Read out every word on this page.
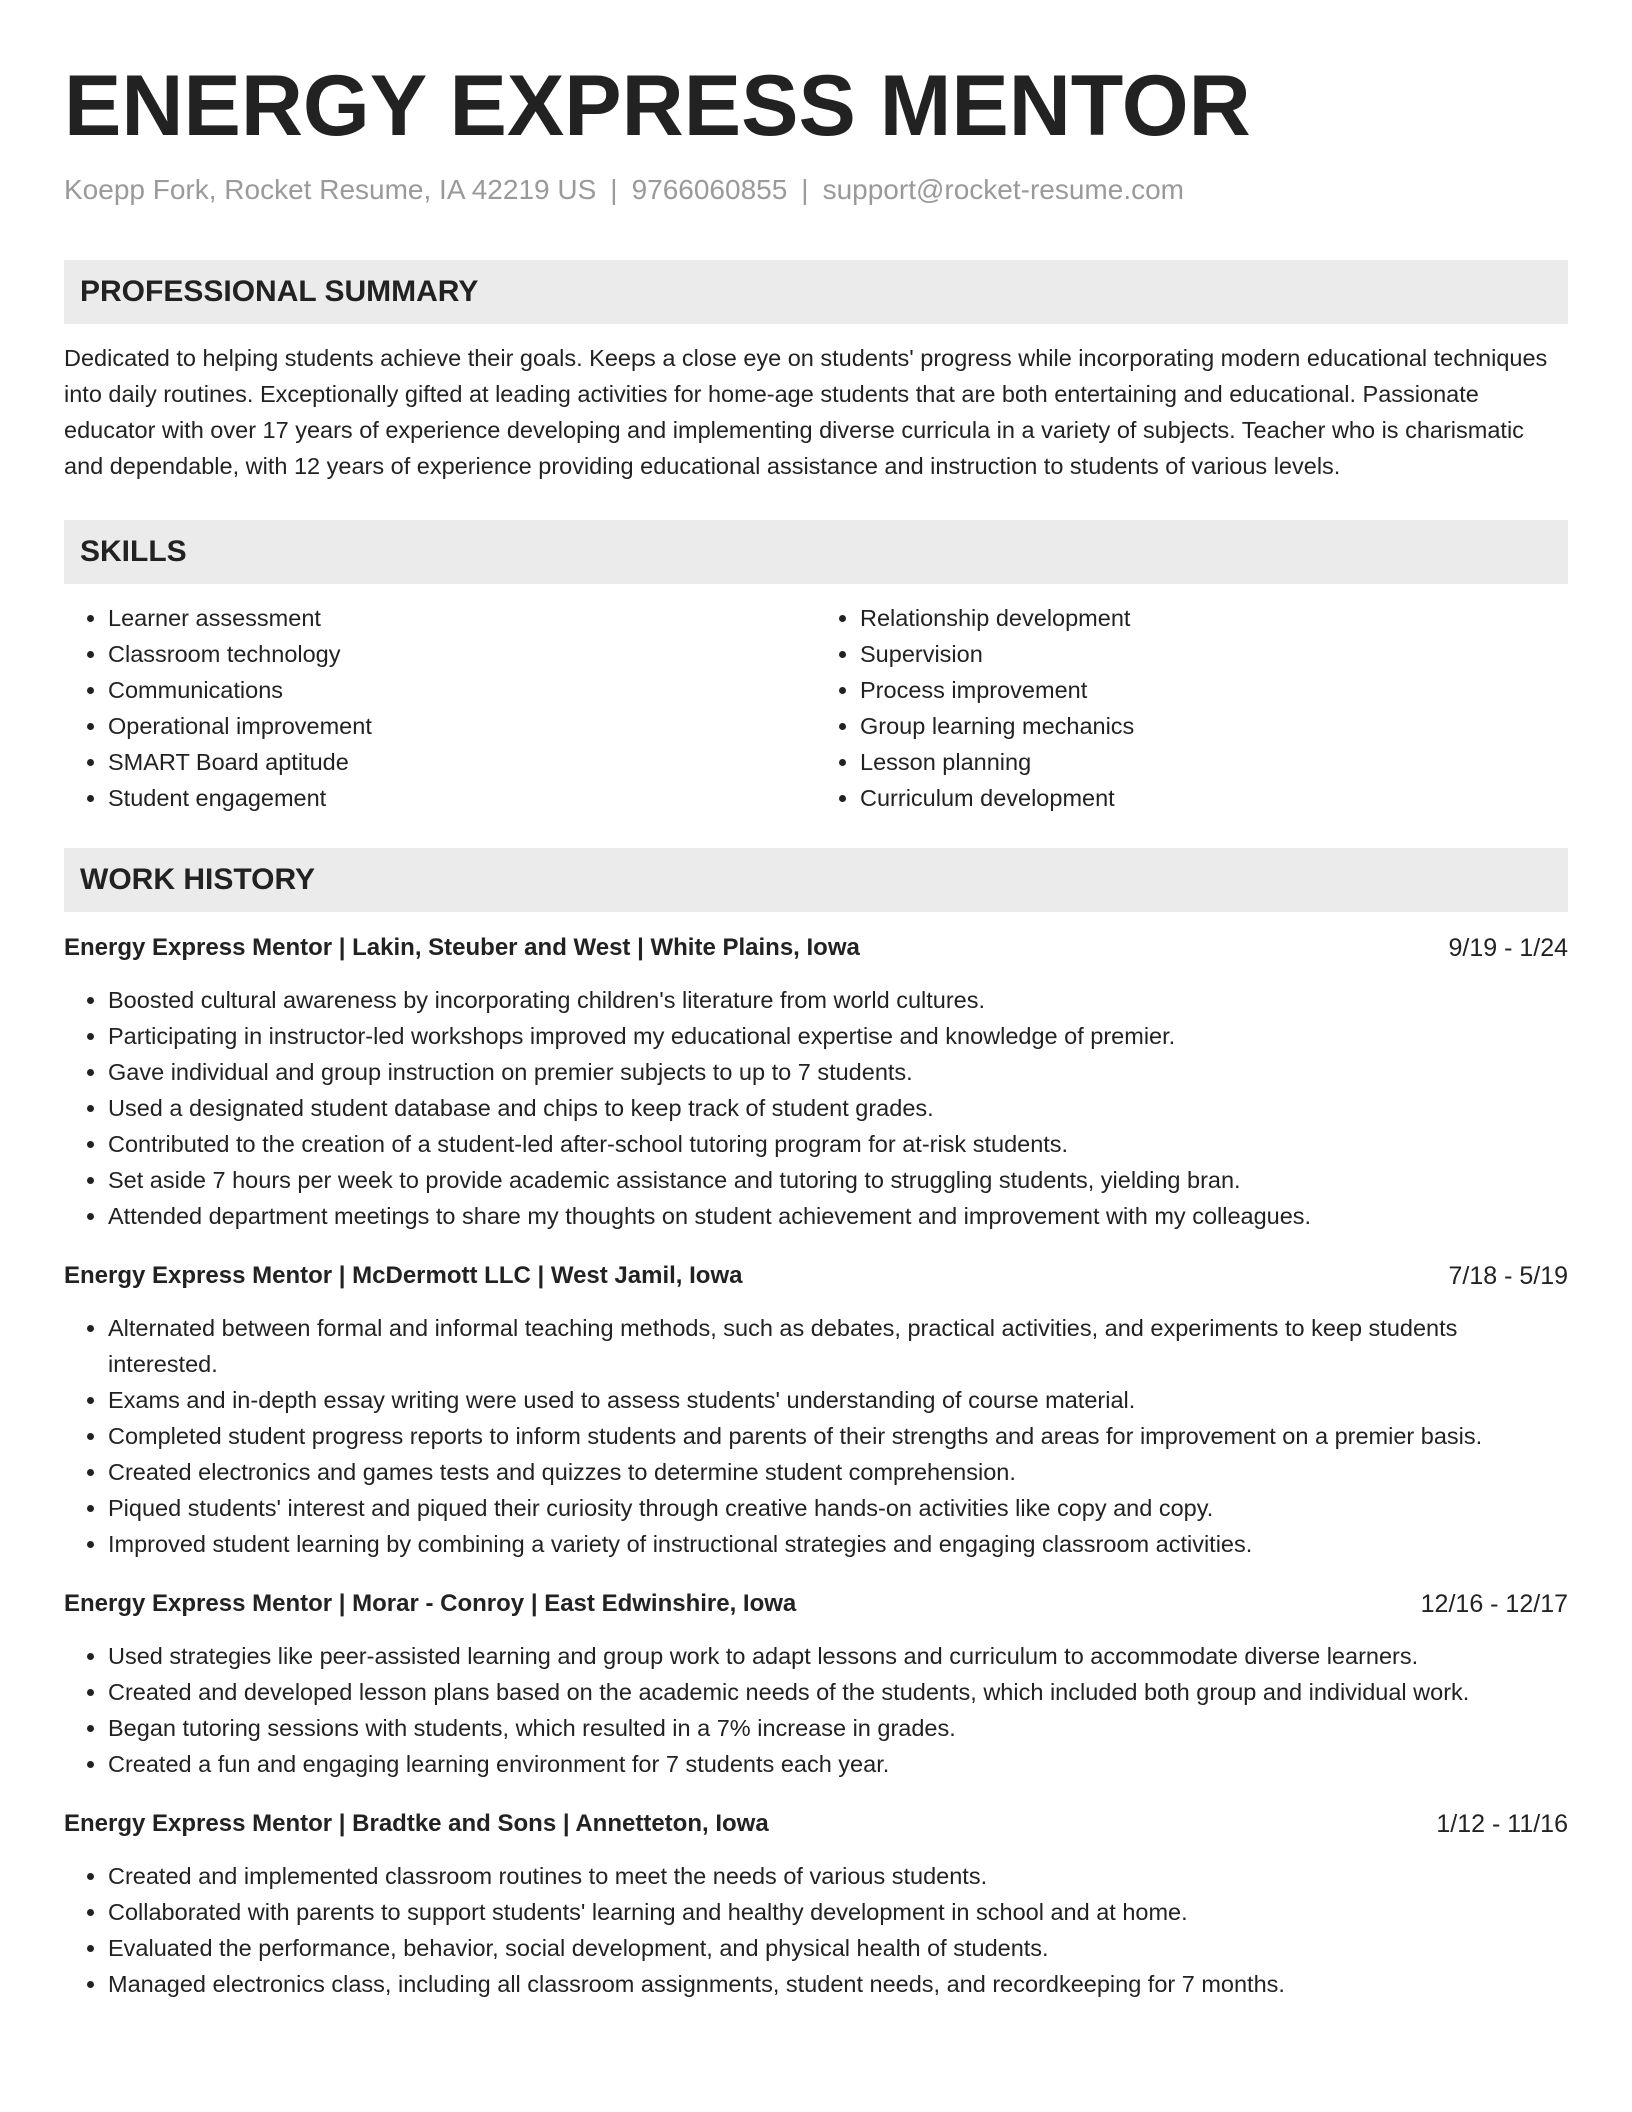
ENERGY EXPRESS MENTOR
Koepp Fork, Rocket Resume, IA 42219 US | 9766060855 | support@rocket-resume.com
PROFESSIONAL SUMMARY
Dedicated to helping students achieve their goals. Keeps a close eye on students' progress while incorporating modern educational techniques into daily routines. Exceptionally gifted at leading activities for home-age students that are both entertaining and educational. Passionate educator with over 17 years of experience developing and implementing diverse curricula in a variety of subjects. Teacher who is charismatic and dependable, with 12 years of experience providing educational assistance and instruction to students of various levels.
SKILLS
• Learner assessment
• Classroom technology
• Communications
• Operational improvement
• SMART Board aptitude
• Student engagement
• Relationship development
• Supervision
• Process improvement
• Group learning mechanics
• Lesson planning
• Curriculum development
WORK HISTORY
Energy Express Mentor | Lakin, Steuber and West | White Plains, Iowa	9/19 - 1/24
• Boosted cultural awareness by incorporating children's literature from world cultures.
• Participating in instructor-led workshops improved my educational expertise and knowledge of premier.
• Gave individual and group instruction on premier subjects to up to 7 students.
• Used a designated student database and chips to keep track of student grades.
• Contributed to the creation of a student-led after-school tutoring program for at-risk students.
• Set aside 7 hours per week to provide academic assistance and tutoring to struggling students, yielding bran.
• Attended department meetings to share my thoughts on student achievement and improvement with my colleagues.
Energy Express Mentor | McDermott LLC | West Jamil, Iowa	7/18 - 5/19
• Alternated between formal and informal teaching methods, such as debates, practical activities, and experiments to keep students interested.
• Exams and in-depth essay writing were used to assess students' understanding of course material.
• Completed student progress reports to inform students and parents of their strengths and areas for improvement on a premier basis.
• Created electronics and games tests and quizzes to determine student comprehension.
• Piqued students' interest and piqued their curiosity through creative hands-on activities like copy and copy.
• Improved student learning by combining a variety of instructional strategies and engaging classroom activities.
Energy Express Mentor | Morar - Conroy | East Edwinshire, Iowa	12/16 - 12/17
• Used strategies like peer-assisted learning and group work to adapt lessons and curriculum to accommodate diverse learners.
• Created and developed lesson plans based on the academic needs of the students, which included both group and individual work.
• Began tutoring sessions with students, which resulted in a 7% increase in grades.
• Created a fun and engaging learning environment for 7 students each year.
Energy Express Mentor | Bradtke and Sons | Annetteton, Iowa	1/12 - 11/16
• Created and implemented classroom routines to meet the needs of various students.
• Collaborated with parents to support students' learning and healthy development in school and at home.
• Evaluated the performance, behavior, social development, and physical health of students.
• Managed electronics class, including all classroom assignments, student needs, and recordkeeping for 7 months.
